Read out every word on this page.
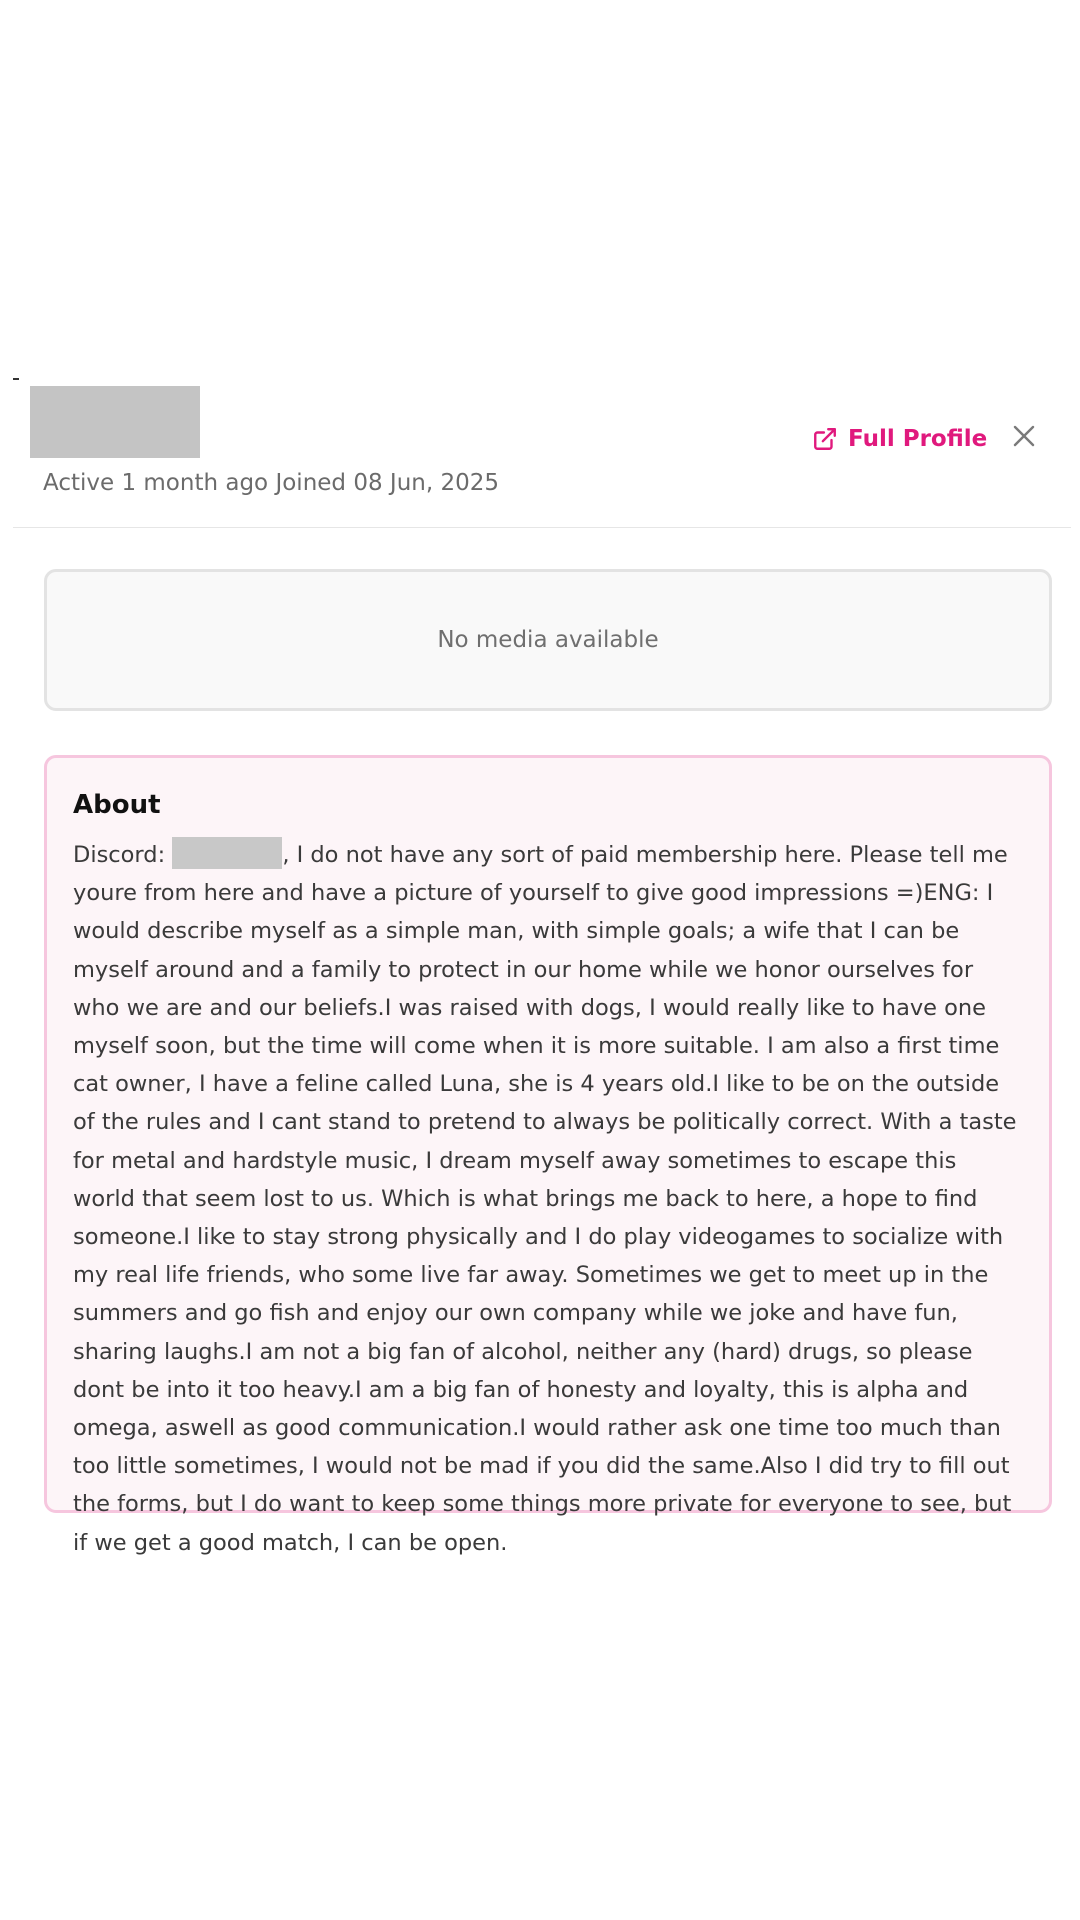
Active 1 month ago Joined 08 Jun, 2025
Full Profile
No media available
About

Discord:	, I do not have any sort of paid membership here. Please tell me youre from here and have a picture of yourself to give good impressions =)ENG: I would describe myself as a simple man, with simple goals; a wife that I can be myself around and a family to protect in our home while we honor ourselves for who we are and our beliefs.I was raised with dogs, I would really like to have one myself soon, but the time will come when it is more suitable. I am also a first time cat owner, I have a feline called Luna, she is 4 years old.I like to be on the outside of the rules and I cant stand to pretend to always be politically correct. With a taste for metal and hardstyle music, I dream myself away sometimes to escape this world that seem lost to us. Which is what brings me back to here, a hope to find someone.I like to stay strong physically and I do play videogames to socialize with my real life friends, who some live far away. Sometimes we get to meet up in the summers and go fish and enjoy our own company while we joke and have fun, sharing laughs.I am not a big fan of alcohol, neither any (hard) drugs, so please dont be into it too heavy.I am a big fan of honesty and loyalty, this is alpha and omega, aswell as good communication.I would rather ask one time too much than too little sometimes, I would not be mad if you did the same.Also I did try to fill out the forms, but I do want to keep some things more private for everyone to see, but if we get a good match, I can be open.
